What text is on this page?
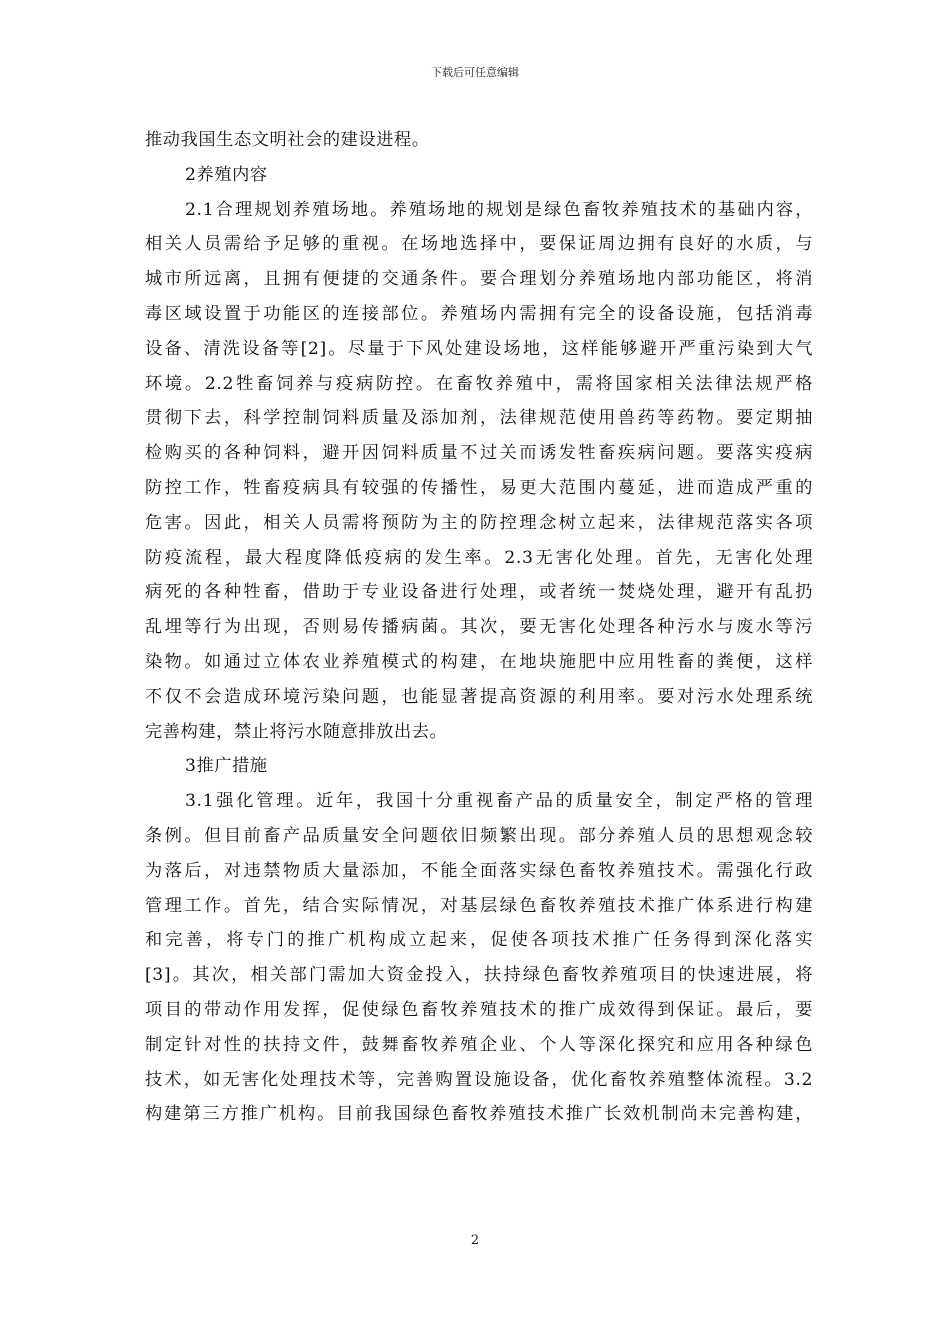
下载后可任意编辑
推动我国生态文明社会的建设进程。
2养殖内容
2.1合理规划养殖场地。养殖场地的规划是绿色畜牧养殖技术的基础内容，
相关人员需给予足够的重视。在场地选择中，要保证周边拥有良好的水质，与
城市所远离，且拥有便捷的交通条件。要合理划分养殖场地内部功能区，将消
毒区域设置于功能区的连接部位。养殖场内需拥有完全的设备设施，包括消毒
设备、清洗设备等[2]。尽量于下风处建设场地，这样能够避开严重污染到大气
环境。2.2牲畜饲养与疫病防控。在畜牧养殖中，需将国家相关法律法规严格
贯彻下去，科学控制饲料质量及添加剂，法律规范使用兽药等药物。要定期抽
检购买的各种饲料，避开因饲料质量不过关而诱发牲畜疾病问题。要落实疫病
防控工作，牲畜疫病具有较强的传播性，易更大范围内蔓延，进而造成严重的
危害。因此，相关人员需将预防为主的防控理念树立起来，法律规范落实各项
防疫流程，最大程度降低疫病的发生率。2.3无害化处理。首先，无害化处理
病死的各种牲畜，借助于专业设备进行处理，或者统一焚烧处理，避开有乱扔
乱埋等行为出现，否则易传播病菌。其次，要无害化处理各种污水与废水等污
染物。如通过立体农业养殖模式的构建，在地块施肥中应用牲畜的粪便，这样
不仅不会造成环境污染问题，也能显著提高资源的利用率。要对污水处理系统
完善构建，禁止将污水随意排放出去。
3推广措施
3.1强化管理。近年，我国十分重视畜产品的质量安全，制定严格的管理
条例。但目前畜产品质量安全问题依旧频繁出现。部分养殖人员的思想观念较
为落后，对违禁物质大量添加，不能全面落实绿色畜牧养殖技术。需强化行政
管理工作。首先，结合实际情况，对基层绿色畜牧养殖技术推广体系进行构建
和完善，将专门的推广机构成立起来，促使各项技术推广任务得到深化落实
[3]。其次，相关部门需加大资金投入，扶持绿色畜牧养殖项目的快速进展，将
项目的带动作用发挥，促使绿色畜牧养殖技术的推广成效得到保证。最后，要
制定针对性的扶持文件，鼓舞畜牧养殖企业、个人等深化探究和应用各种绿色
技术，如无害化处理技术等，完善购置设施设备，优化畜牧养殖整体流程。3.2
构建第三方推广机构。目前我国绿色畜牧养殖技术推广长效机制尚未完善构建，
2
